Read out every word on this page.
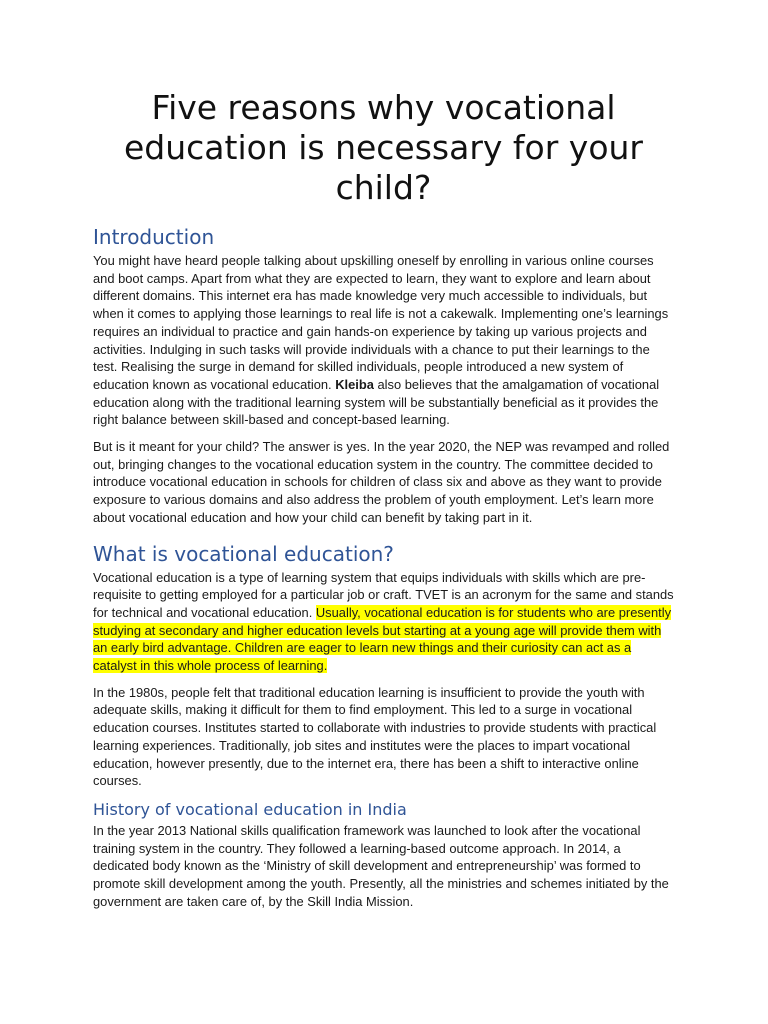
Five reasons why vocational education is necessary for your child?
Introduction

You might have heard people talking about upskilling oneself by enrolling in various online courses and boot camps. Apart from what they are expected to learn, they want to explore and learn about different domains. This internet era has made knowledge very much accessible to individuals, but when it comes to applying those learnings to real life is not a cakewalk. Implementing one’s learnings requires an individual to practice and gain hands-on experience by taking up various projects and activities. Indulging in such tasks will provide individuals with a chance to put their learnings to the test. Realising the surge in demand for skilled individuals, people introduced a new system of education known as vocational education. Kleiba also believes that the amalgamation of vocational education along with the traditional learning system will be substantially beneficial as it provides the right balance between skill-based and concept-based learning.

But is it meant for your child? The answer is yes. In the year 2020, the NEP was revamped and rolled out, bringing changes to the vocational education system in the country. The committee decided to introduce vocational education in schools for children of class six and above as they want to provide exposure to various domains and also address the problem of youth employment. Let’s learn more about vocational education and how your child can benefit by taking part in it.

What is vocational education?

Vocational education is a type of learning system that equips individuals with skills which are pre-requisite to getting employed for a particular job or craft. TVET is an acronym for the same and stands for technical and vocational education. Usually, vocational education is for students who are presently studying at secondary and higher education levels but starting at a young age will provide them with an early bird advantage. Children are eager to learn new things and their curiosity can act as a catalyst in this whole process of learning.

In the 1980s, people felt that traditional education learning is insufficient to provide the youth with adequate skills, making it difficult for them to find employment. This led to a surge in vocational education courses. Institutes started to collaborate with industries to provide students with practical learning experiences. Traditionally, job sites and institutes were the places to impart vocational education, however presently, due to the internet era, there has been a shift to interactive online courses.

History of vocational education in India

In the year 2013 National skills qualification framework was launched to look after the vocational training system in the country. They followed a learning-based outcome approach. In 2014, a dedicated body known as the ‘Ministry of skill development and entrepreneurship’ was formed to promote skill development among the youth. Presently, all the ministries and schemes initiated by the government are taken care of, by the Skill India Mission.
